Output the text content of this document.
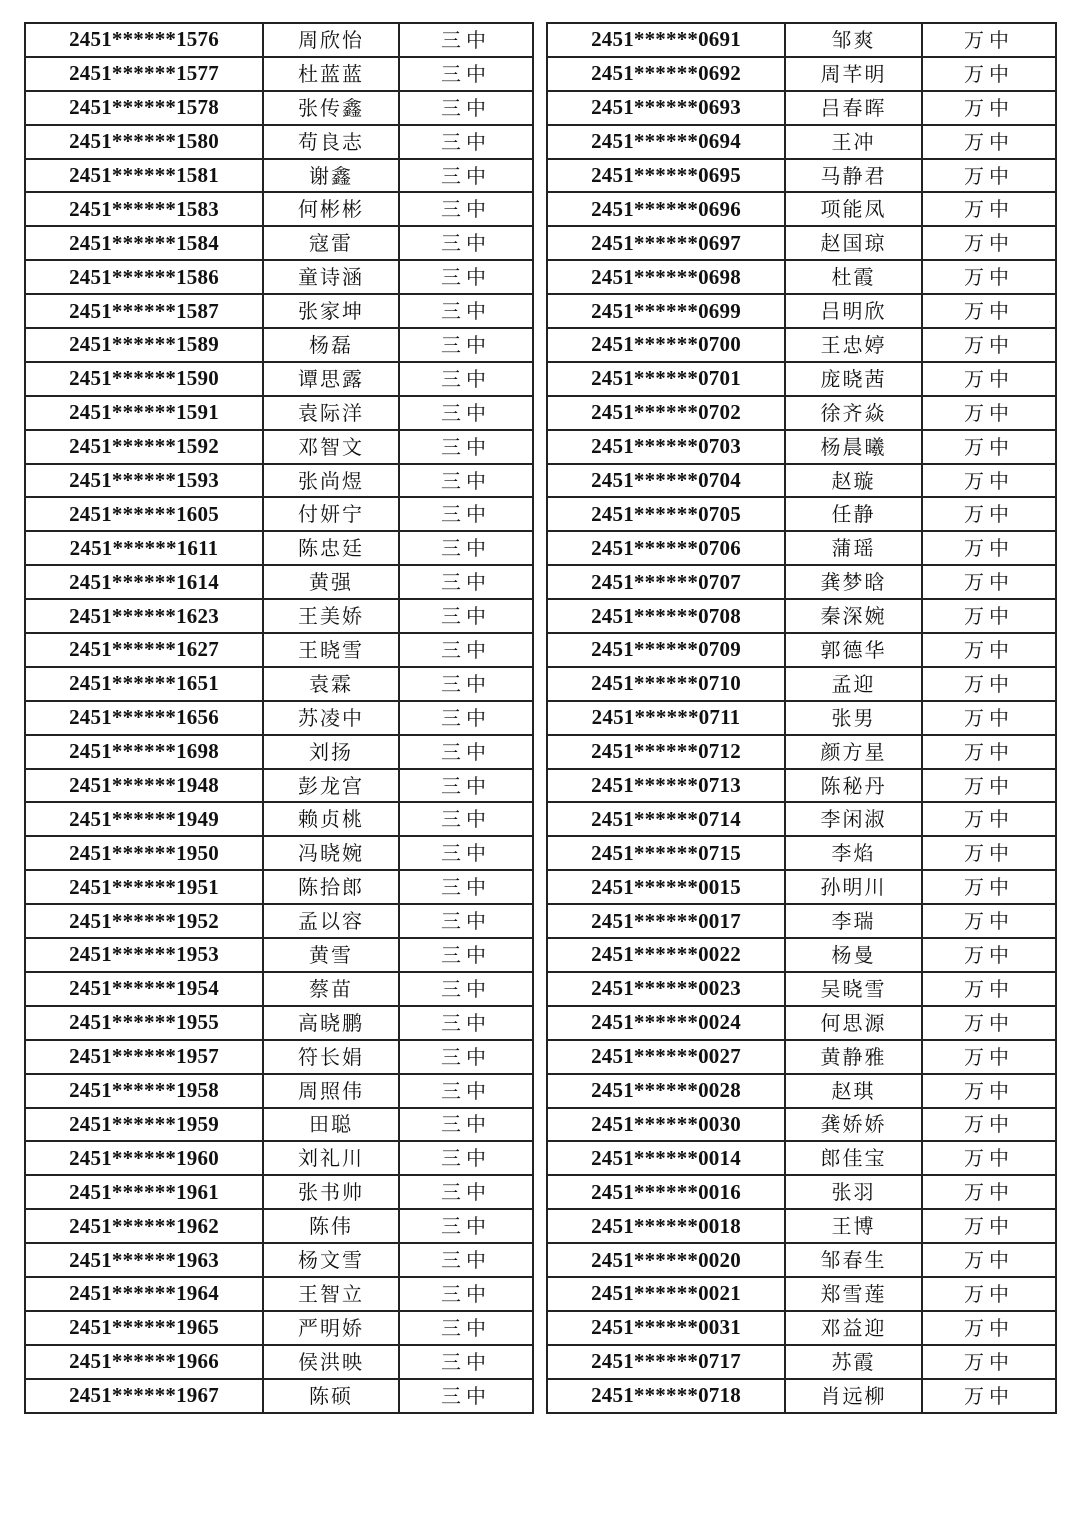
2451******1576	周欣怡	三中
2451******1577	杜蓝蓝	三中
2451******1578	张传鑫	三中
2451******1580	苟良志	三中
2451******1581	谢鑫	三中
2451******1583	何彬彬	三中
2451******1584	寇雷	三中
2451******1586	童诗涵	三中
2451******1587	张家坤	三中
2451******1589	杨磊	三中
2451******1590	谭思露	三中
2451******1591	袁际洋	三中
2451******1592	邓智文	三中
2451******1593	张尚煜	三中
2451******1605	付妍宁	三中
2451******1611	陈忠廷	三中
2451******1614	黄强	三中
2451******1623	王美娇	三中
2451******1627	王晓雪	三中
2451******1651	袁霖	三中
2451******1656	苏凌中	三中
2451******1698	刘扬	三中
2451******1948	彭龙宫	三中
2451******1949	赖贞桃	三中
2451******1950	冯晓婉	三中
2451******1951	陈拾郎	三中
2451******1952	孟以容	三中
2451******1953	黄雪	三中
2451******1954	蔡苗	三中
2451******1955	高晓鹏	三中
2451******1957	符长娟	三中
2451******1958	周照伟	三中
2451******1959	田聪	三中
2451******1960	刘礼川	三中
2451******1961	张书帅	三中
2451******1962	陈伟	三中
2451******1963	杨文雪	三中
2451******1964	王智立	三中
2451******1965	严明娇	三中
2451******1966	侯洪映	三中
2451******1967	陈硕	三中
2451******0691	邹爽	万中
2451******0692	周芊明	万中
2451******0693	吕春晖	万中
2451******0694	王冲	万中
2451******0695	马静君	万中
2451******0696	项能凤	万中
2451******0697	赵国琼	万中
2451******0698	杜霞	万中
2451******0699	吕明欣	万中
2451******0700	王忠婷	万中
2451******0701	庞晓茜	万中
2451******0702	徐齐焱	万中
2451******0703	杨晨曦	万中
2451******0704	赵璇	万中
2451******0705	任静	万中
2451******0706	蒲瑶	万中
2451******0707	龚梦晗	万中
2451******0708	秦深婉	万中
2451******0709	郭德华	万中
2451******0710	孟迎	万中
2451******0711	张男	万中
2451******0712	颜方星	万中
2451******0713	陈秘丹	万中
2451******0714	李闲淑	万中
2451******0715	李焰	万中
2451******0015	孙明川	万中
2451******0017	李瑞	万中
2451******0022	杨曼	万中
2451******0023	吴晓雪	万中
2451******0024	何思源	万中
2451******0027	黄静雅	万中
2451******0028	赵琪	万中
2451******0030	龚娇娇	万中
2451******0014	郎佳宝	万中
2451******0016	张羽	万中
2451******0018	王博	万中
2451******0020	邹春生	万中
2451******0021	郑雪莲	万中
2451******0031	邓益迎	万中
2451******0717	苏霞	万中
2451******0718	肖远柳	万中
